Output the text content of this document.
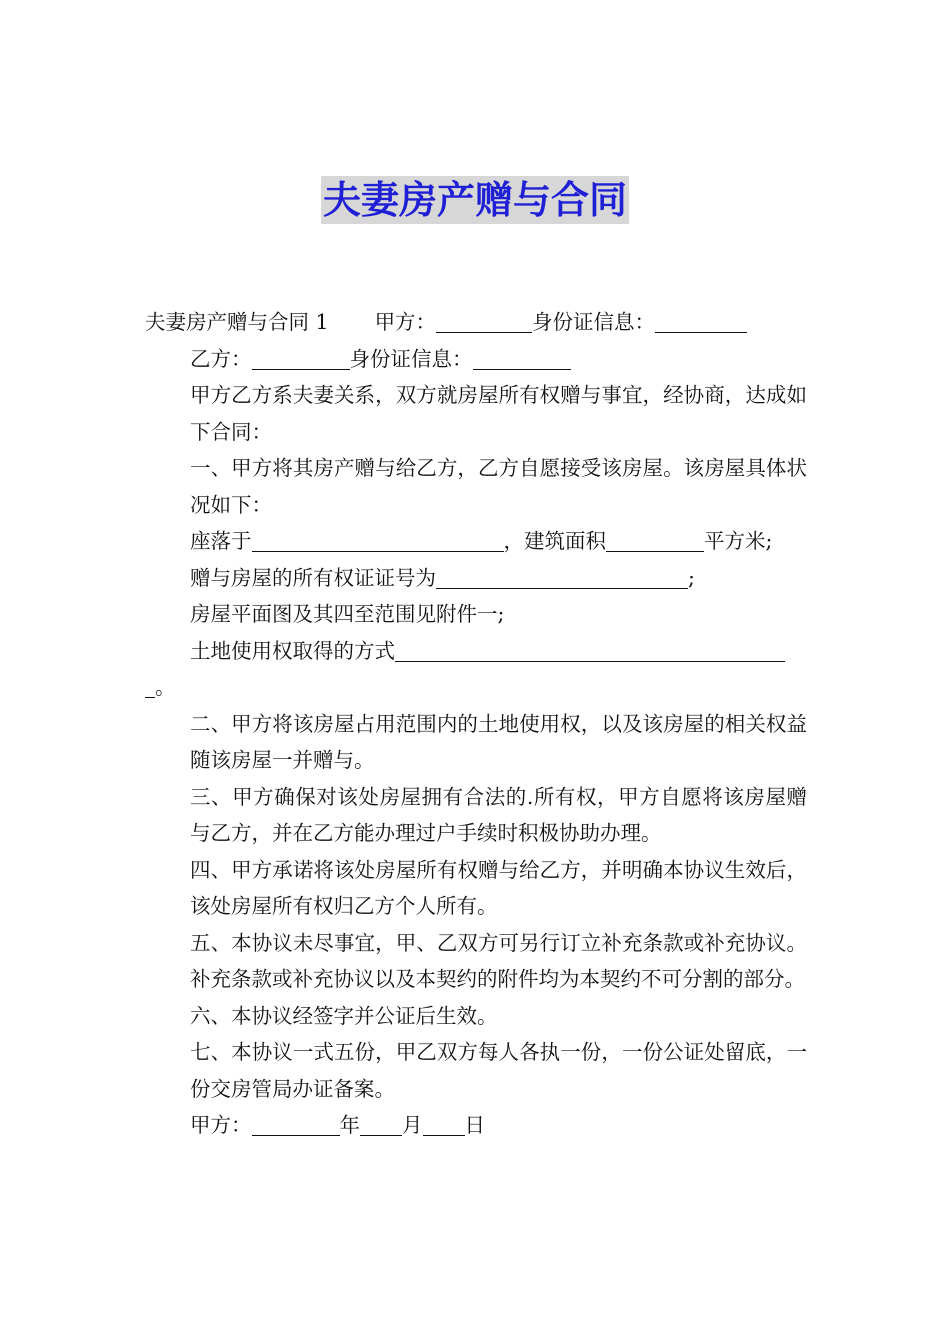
夫妻房产赠与合同

夫妻房产赠与合同 1 甲方：	身份证信息：

乙方：	身份证信息：

甲方乙方系夫妻关系，双方就房屋所有权赠与事宜，经协商，达成如下合同：

一、甲方将其房产赠与给乙方，乙方自愿接受该房屋。该房屋具体状况如下：

座落于	，建筑面积	平方米;

赠与房屋的所有权证证号为	;

房屋平面图及其四至范围见附件一;

土地使用权取得的方式

。

二、甲方将该房屋占用范围内的土地使用权，以及该房屋的相关权益随该房屋一并赠与。

三、甲方确保对该处房屋拥有合法的.所有权，甲方自愿将该房屋赠与乙方，并在乙方能办理过户手续时积极协助办理。

四、甲方承诺将该处房屋所有权赠与给乙方，并明确本协议生效后，该处房屋所有权归乙方个人所有。

五、本协议未尽事宜，甲、乙双方可另行订立补充条款或补充协议。补充条款或补充协议以及本契约的附件均为本契约不可分割的部分。

六、本协议经签字并公证后生效。

七、本协议一式五份，甲乙双方每人各执一份，一份公证处留底，一份交房管局办证备案。

甲方：	年 月 日
